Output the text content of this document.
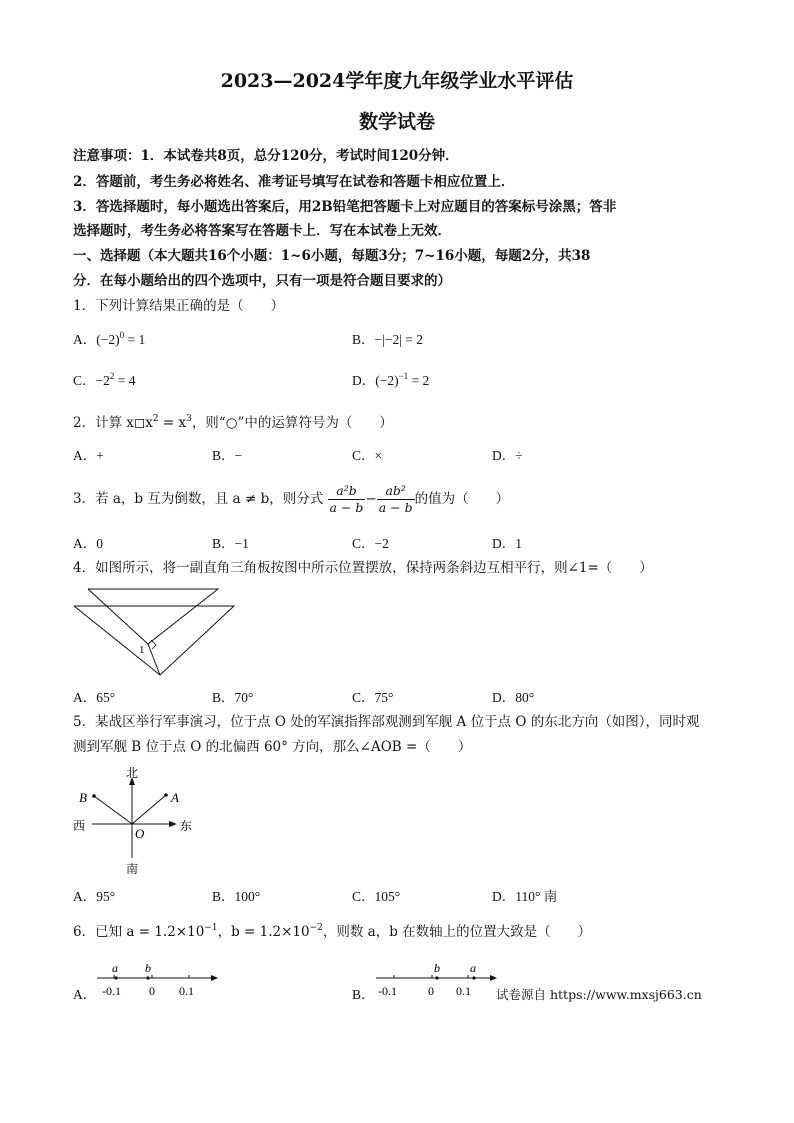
2023—2024学年度九年级学业水平评估
数学试卷
注意事项：1．本试卷共8页，总分120分，考试时间120分钟．
2．答题前，考生务必将姓名、准考证号填写在试卷和答题卡相应位置上．
3．答选择题时，每小题选出答案后，用2B铅笔把答题卡上对应题目的答案标号涂黑；答非
选择题时，考生务必将答案写在答题卡上．写在本试卷上无效．
一、选择题（本大题共16个小题：1~6小题，每题3分；7~16小题，每题2分，共38
分．在每小题给出的四个选项中，只有一项是符合题目要求的）
1．下列计算结果正确的是（　　）
A．$(-2)^0 = 1$	B．−|−2| = 2
C．$-2^2 = 4$	D．$(-2)^{-1} = 2$
2．计算 $x◻x^2 = x^3$，则“○”中的运算符号为（　　）
A．+	B．−	C．×	D．÷
3．若 a，b 互为倒数，且 a ≠ b，则分式 $\frac{\text{a²b}}{a - b} - \frac{\text{ab²}}{a - b}$ 的值为（　　）
A．0	B．−1	C．−2	D．1
4．如图所示，将一副直角三角板按图中所示位置摆放，保持两条斜边互相平行，则∠1=（　　）
1
A．65°	B．70°	C．75°	D．80°
5．某战区举行军事演习，位于点 O 处的军演指挥部观测到军舰 A 位于点 O 的东北方向（如图），同时观
测到军舰 B 位于点 O 的北偏西 60° 方向，那么∠AOB =（　　）
北
南
东
西
A
B
O
A．95°	B．100°	C．105°	D．110° 南
6．已知 $a = 1.2\times 10^{-1}$，$b = 1.2\times 10^{-2}$，则数 a，b 在数轴上的位置大致是（　　）
A．
a b
-0.1 0 0.1	B．
b	a
-0.1	0 0.1 试卷源自 https://www.mxsj663.cn
